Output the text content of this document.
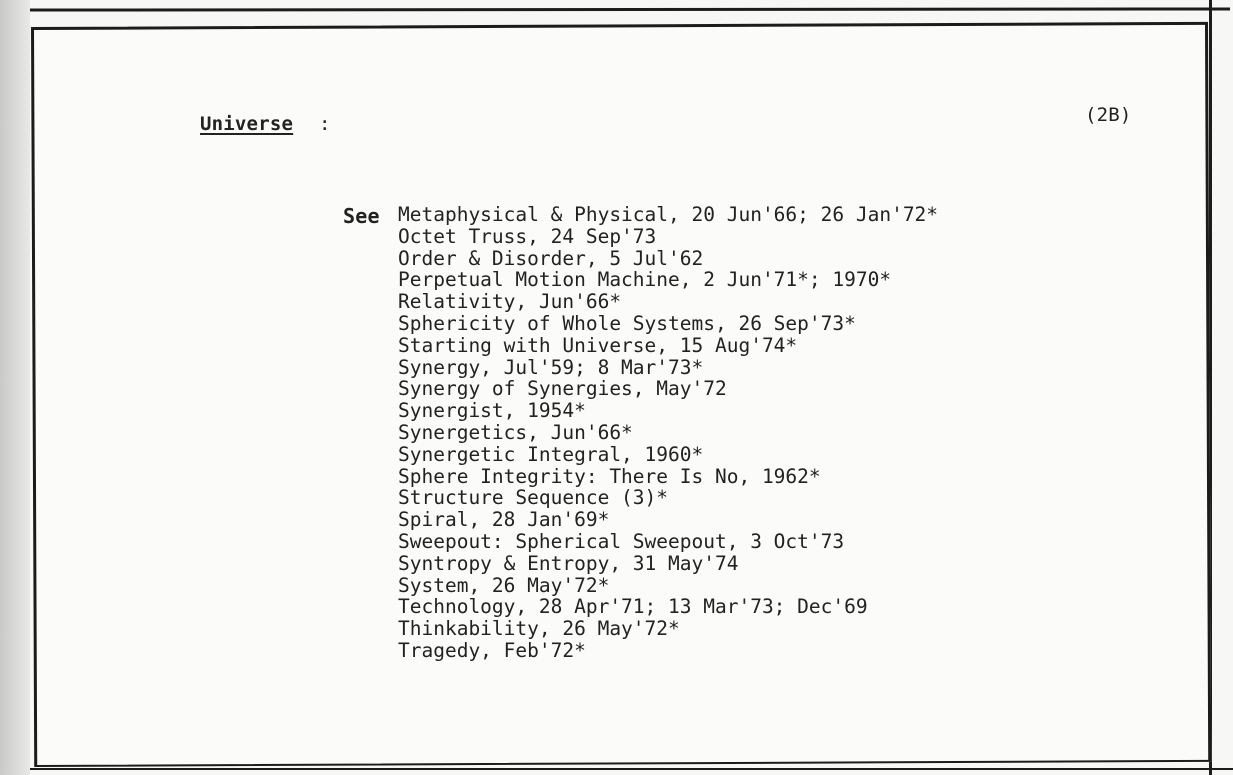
Universe :	(2B)
See Metaphysical & Physical, 20 Jun'66; 26 Jan'72*
Octet Truss, 24 Sep'73
Order & Disorder, 5 Jul'62
Perpetual Motion Machine, 2 Jun'71*; 1970*
Relativity, Jun'66*
Sphericity of Whole Systems, 26 Sep'73*
Starting with Universe, 15 Aug'74*
Synergy, Jul'59; 8 Mar'73*
Synergy of Synergies, May'72
Synergist, 1954*
Synergetics, Jun'66*
Synergetic Integral, 1960*
Sphere Integrity: There Is No, 1962*
Structure Sequence (3)*
Spiral, 28 Jan'69*
Sweepout: Spherical Sweepout, 3 Oct'73
Syntropy & Entropy, 31 May'74
System, 26 May'72*
Technology, 28 Apr'71; 13 Mar'73; Dec'69
Thinkability, 26 May'72*
Tragedy, Feb'72*
